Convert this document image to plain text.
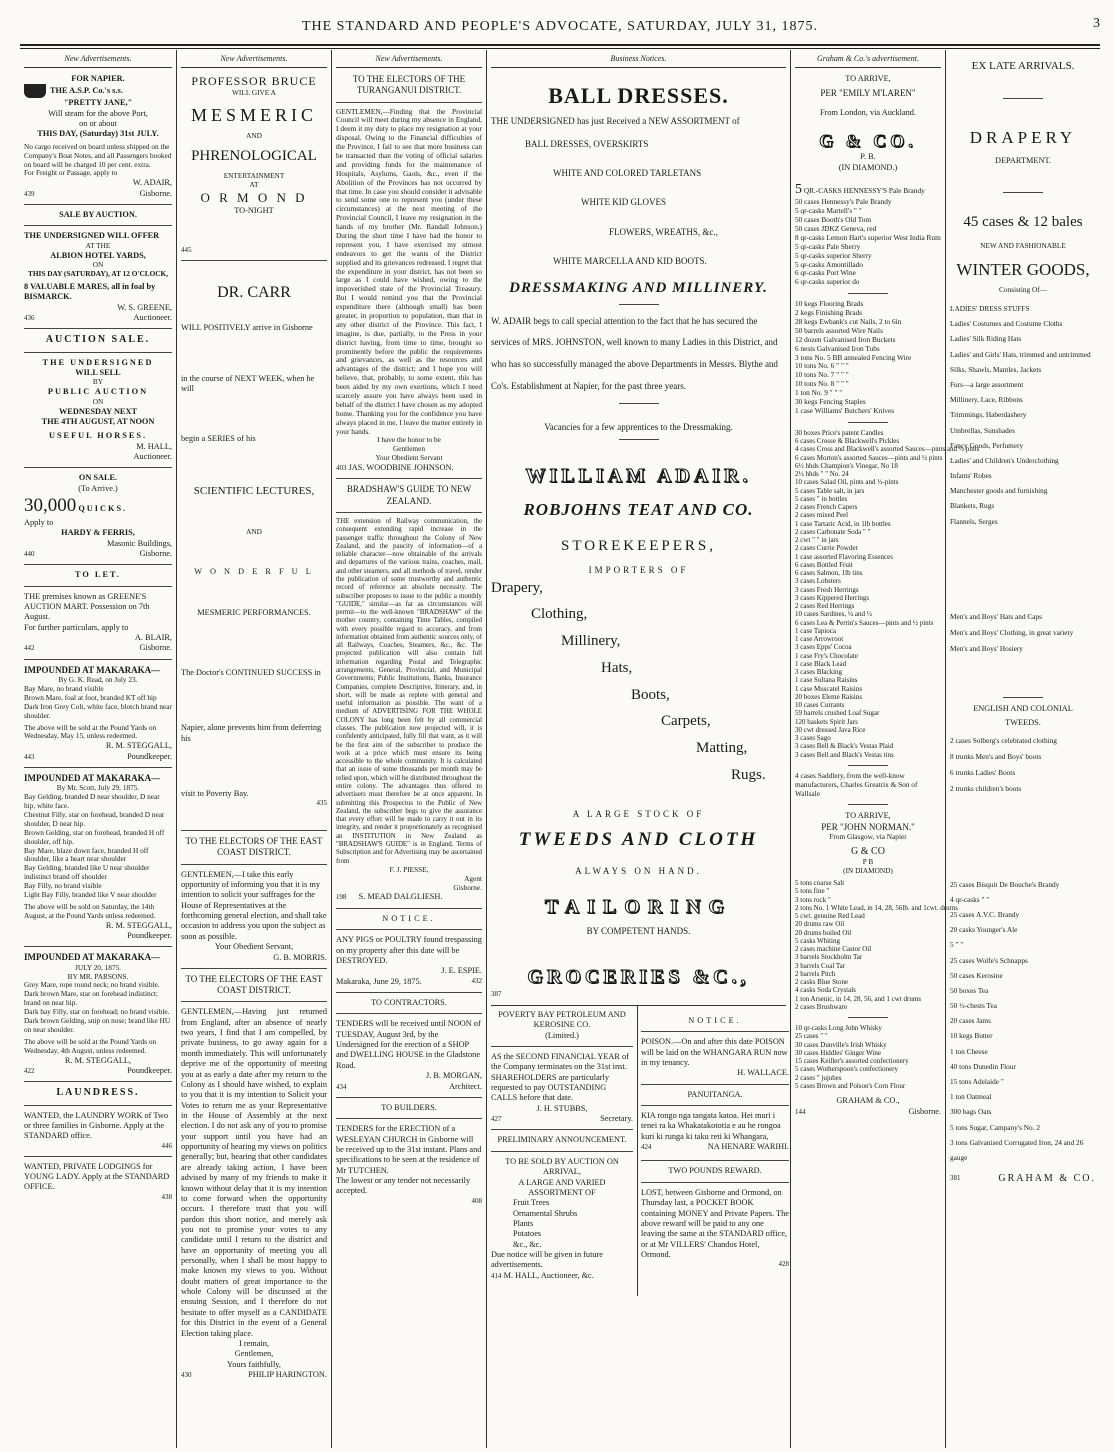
THE STANDARD AND PEOPLE'S ADVOCATE, SATURDAY, JULY 31, 1875.	3
New Advertisements.
FOR NAPIER.
THE A.S.P. Co.'s s.s.
"PRETTY JANE,"
Will steam for the above Port,
on or about
THIS DAY, (Saturday) 31st JULY.
No cargo received on board unless shipped on the Company's Boat Notes, and all Passengers booked on board will be charged 10 per cent. extra.
For Freight or Passage, apply to
W. ADAIR,
439	Gisborne.
SALE BY AUCTION.
THE UNDERSIGNED WILL OFFER
AT THE
ALBION HOTEL YARDS,
ON
THIS DAY (SATURDAY), AT 12 O'CLOCK,
8 VALUABLE MARES, all in foal by BISMARCK.
W. S. GREENE,
436	Auctioneer.
AUCTION SALE.
THE UNDERSIGNED
WILL SELL
BY
PUBLIC AUCTION
ON
WEDNESDAY NEXT
THE 4TH AUGUST, AT NOON
USEFUL HORSES.
M. HALL,
Auctioneer.
ON SALE.
(To Arrive.)
30,000 QUICKS.
Apply to
HARDY & FERRIS,
Masonic Buildings,
440	Gisborne.
TO LET.
THE premises known as GREENE'S AUCTION MART. Possession on 7th August.
For further particulars, apply to
A. BLAIR,
442	Gisborne.
IMPOUNDED AT MAKARAKA—
By G. K. Read, on July 23.
Bay Mare, no brand visible
Brown Mare, foal at foot, branded KT off hip
Dark Iron Grey Colt, white face, blotch brand near shoulder.
The above will be sold at the Pound Yards on Wednesday, May 15, unless redeemed.
R. M. STEGGALL,
443	Poundkeeper.
IMPOUNDED AT MAKARAKA—
By Mr. Scott, July 29, 1875.
Bay Gelding, branded D near shoulder, D near hip, white face.
Chestnut Filly, star on forehead, branded D near shoulder, D near hip.
Brown Gelding, star on forehead, branded H off shoulder, off hip.
Bay Mare, blaze down face, branded H off shoulder, like a heart near shoulder
Bay Gelding, branded like U near shoulder indistinct brand off shoulder
Bay Filly, no brand visible
Light Bay Filly, branded like V near shoulder
The above will be sold on Saturday, the 14th August, at the Pound Yards unless redeemed.
R. M. STEGGALL,
Poundkeeper.
IMPOUNDED AT MAKARAKA—
JULY 20, 1875.
BY MR. PARSONS.
Grey Mare, rope round neck; no brand visible.
Dark brown Mare, star on forehead indistinct; brand on near hip.
Dark bay Filly, star on forehead; no brand visible.
Dark brown Gelding, snip on nose; brand like HU on near shoulder.
The above will be sold at the Pound Yards on Wednesday, 4th August, unless redeemed.
R. M. STEGGALL,
422	Poundkeeper.
LAUNDRESS.
WANTED, the LAUNDRY WORK of Two or three families in Gisborne. Apply at the STANDARD office.
446
WANTED, PRIVATE LODGINGS for YOUNG LADY. Apply at the STANDARD OFFICE.
438
New Advertisements.
PROFESSOR BRUCE
WILL GIVE A
MESMERIC
AND
PHRENOLOGICAL
ENTERTAINMENT
AT
O R M O N D
TO-NIGHT
445
DR. CARR
WILL POSITIVELY arrive in Gisborne
in the course of NEXT WEEK, when he will
begin a SERIES of his
SCIENTIFIC LECTURES,
AND
W O N D E R F U L
MESMERIC PERFORMANCES.
The Doctor's CONTINUED SUCCESS in
Napier, alone prevents him from deferring his
visit to Poverty Bay.
435
TO THE ELECTORS OF THE EAST COAST DISTRICT.
GENTLEMEN,—I take this early opportunity of informing you that it is my intention to solicit your suffrages for the House of Representatives at the forthcoming general election, and shall take occasion to address you upon the subject as soon as possible.
Your Obedient Servant,
G. B. MORRIS.
TO THE ELECTORS OF THE EAST COAST DISTRICT.
GENTLEMEN,—Having just returned from England, after an absence of nearly two years, I find that I am compelled, by private business, to go away again for a month immediately. This will unfortunately deprive me of the opportunity of meeting you at as early a date after my return to the Colony as I should have wished, to explain to you that it is my intention to Solicit your Votes to return me as your Representative in the House of Assembly at the next election. I do not ask any of you to promise your support until you have had an opportunity of hearing my views on politics generally; but, hearing that other candidates are already taking action, I have been advised by many of my friends to make it known without delay that it is my intention to come forward when the opportunity occurs. I therefore trust that you will pardon this short notice, and merely ask you not to promise your votes to any candidate until I return to the district and have an opportunity of meeting you all personally, when I shall be most happy to make known my views to you. Without doubt matters of great importance to the whole Colony will be discussed at the ensuing Session, and I therefore do not hesitate to offer myself as a CANDIDATE for this District in the event of a General Election taking place.
I remain,
Gentlemen,
Yours faithfully,
430	PHILIP HARINGTON.
New Advertisements.
TO THE ELECTORS OF THE TURANGANUI DISTRICT.
GENTLEMEN,—Finding that the Provincial Council will meet during my absence in England, I deem it my duty to place my resignation at your disposal. Owing to the Financial difficulties of the Province, I fail to see that more business can be transacted than the voting of official salaries and providing funds for the maintenance of Hospitals, Asylums, Gaols, &c., even if the Abolition of the Provinces has not occurred by that time. In case you should consider it advisable to send some one to represent you (under these circumstances) at the next meeting of the Provincial Council, I leave my resignation in the hands of my brother (Mr. Randall Johnson.) During the short time I have had the honor to represent you, I have exercised my utmost endeavors to get the wants of the District supplied and its grievances redressed. I regret that the expenditure in your district, has not been so large as I could have wished, owing to the impoverished state of the Provincial Treasury. But I would remind you that the Provincial expenditure there (although small) has been greater, in proportion to population, than that in any other district of the Province. This fact, I imagine, is due, partially, to the Press in your district having, from time to time, brought so prominently before the public the requirements and grievances, as well as the resources and advantages of the district; and I hope you will believe, that, probably, to some extent, this has been aided by my own exertions, which I need scarcely assure you have always been used in behalf of the district I have chosen as my adopted home. Thanking you for the confidence you have always placed in me, I leave the matter entirely in your hands.
I have the honor to be
Gentlemen
Your Obedient Servant
403 JAS. WOODBINE JOHNSON.
BRADSHAW'S GUIDE TO NEW ZEALAND.
THE extension of Railway communication, the consequent extending rapid increase in the passenger traffic throughout the Colony of New Zealand, and the paucity of information—of a reliable character—now obtainable of the arrivals and departures of the various trains, coaches, mail, and other steamers, and all methods of travel, render the publication of some trustworthy and authentic record of reference an absolute necessity. The subscriber proposes to issue to the public a monthly "GUIDE," similar—as far as circumstances will permit—to the well-known "BRADSHAW" of the mother country, containing Time Tables, compiled with every possible regard to accuracy, and from information obtained from authentic sources only, of all Railways, Coaches, Steamers, &c., &c. The projected publication will also contain full information regarding Postal and Telegraphic arrangements, General, Provincial, and Municipal Governments; Public Institutions, Banks, Insurance Companies, complete Descriptive, Itinerary, and, in short, will be made as replete with general and useful information as possible. The want of a medium of ADVERTISING FOR THE WHOLE COLONY has long been felt by all commercial classes. The publication now projected will, it is confidently anticipated, fully fill that want, as it will be the first aim of the subscriber to produce the work at a price which must ensure its being accessible to the whole community. It is calculated that an issue of some thousands per month may be relied upon, which will be distributed throughout the entire colony. The advantages thus offered to advertisers must therefore be at once apparent. In submitting this Prospectus to the Public of New Zealand, the subscriber begs to give the assurance that every effort will be made to carry it out in its integrity, and render it proportionately as recognised an INSTITUTION in New Zealand as "BRADSHAW'S GUIDE" is in England. Terms of Subscription and for Advertising may be ascertained from
F. J. PIESSE,
Agent
Gisborne.
198 S. MEAD DALGLIESH.
NOTICE.
ANY PIGS or POULTRY found trespassing on my property after this date will be DESTROYED.
J. E. ESPIE.
Makaraka, June 29, 1875.	432
TO CONTRACTORS.
TENDERS will be received until NOON of TUESDAY, August 3rd, by the Undersigned for the erection of a SHOP and DWELLING HOUSE in the Gladstone Road.
J. B. MORGAN,
434	Architect.
TO BUILDERS.
TENDERS for the ERECTION of a WESLEYAN CHURCH in Gisborne will be received up to the 31st instant. Plans and specifications to be seen at the residence of Mr TUTCHEN.
The lowest or any tender not necessarily accepted.
408
Business Notices.
BALL DRESSES.
THE UNDERSIGNED has just Received a NEW ASSORTMENT of
BALL DRESSES, OVERSKIRTS
WHITE AND COLORED TARLETANS
WHITE KID GLOVES
FLOWERS, WREATHS, &c.,
WHITE MARCELLA AND KID BOOTS.
DRESSMAKING AND MILLINERY.
W. ADAIR begs to call special attention to the fact that he has secured the services of MRS. JOHNSTON, well known to many Ladies in this District, and who has so successfully managed the above Departments in Messrs. Blythe and Co's. Establishment at Napier, for the past three years.
Vacancies for a few apprentices to the Dressmaking.
WILLIAM ADAIR.
ROBJOHNS TEAT AND CO.
STOREKEEPERS,
IMPORTERS OF
Drapery,
Clothing,
Millinery,
Hats,
Boots,
Carpets,
Matting,
Rugs.
A LARGE STOCK OF
TWEEDS AND CLOTH
ALWAYS ON HAND.
TAILORING
BY COMPETENT HANDS.
GROCERIES &C.,
387
POVERTY BAY PETROLEUM AND KEROSINE CO.
(Limited.)
AS the SECOND FINANCIAL YEAR of the Company terminates on the 31st inst. SHAREHOLDERS are particularly requested to pay OUTSTANDING CALLS before that date.
J. H. STUBBS,
427	Secretary.
PRELIMINARY ANNOUNCEMENT.
TO BE SOLD BY AUCTION ON ARRIVAL,
A LARGE AND VARIED ASSORTMENT OF
Fruit Trees
Ornamental Shrubs
Plants
Potatoes
&c., &c.
Due notice will be given in future advertisements.
414 M. HALL, Auctioneer, &c.
NOTICE.
POISON.—On and after this date POISON will be laid on the WHANGARA RUN now in my tenancy.
H. WALLACE.
PANUITANGA.
KIA rongo nga tangata katoa. Hei muri i tenei ra ka Whakatakototia e au he rongoa kuri ki runga ki taku reti ki Whangara,
424	NA HENARE WARIHI.
TWO POUNDS REWARD.
LOST, between Gisborne and Ormond, on Thursday last, a POCKET BOOK containing MONEY and Private Papers. The above reward will be paid to any one leaving the same at the STANDARD office, or at Mr VILLERS' Chandos Hotel, Ormond.
428
Graham & Co.'s advertisement.
TO ARRIVE,
PER "EMILY M'LAREN"
From London, via Auckland.
G & CO.
P. B.
(IN DIAMOND.)
5 QR.-CASKS HENNESSY'S Pale Brandy
50 cases Hennessy's Pale Brandy
5 qr-casks Martell's " "
50 cases Booth's Old Tom
50 cases JDKZ Geneva, red
8 qr-casks Lemon Hart's superior West India Rum
5 qr-casks Pale Sherry
5 qr-casks superior Sherry
5 qr-casks Amontillado
6 qr-casks Port Wine
6 qr-casks superior do
10 kegs Flooring Brads
2 kegs Finishing Brads
28 kegs Ewbank's cut Nails, 2 to 6in
50 barrels assorted Wire Nails
12 dozen Galvanised Iron Buckets
6 nests Galvanised Iron Tubs
3 tons No. 5 BB annealed Fencing Wire
10 tons No. 6 " " "
10 tons No. 7 " " "
10 tons No. 8 " " "
1 ton No. 9 " " "
30 kegs Fencing Staples
1 case Williams' Butchers' Knives
30 boxes Price's patent Candles
6 cases Crosse & Blackwell's Pickles
4 cases Cross and Blackwell's assorted Sauces—pints and ½ pints
6 cases Morton's assorted Sauces—pints and ½ pints
6½ hhds Champion's Vinegar, No 18
2½ hhds " " No. 24
10 cases Salad Oil, pints and ½-pints
5 cases Table salt, in jars
5 cases " in bottles
2 cases French Capers
2 cases mixed Peel
1 case Tartaric Acid, in 1lb bottles
2 cases Carbonate Soda " "
2 cwt " " in jars
2 cases Currie Powder
1 case assorted Flavoring Essences
6 cases Bottled Fruit
6 cases Salmon, 1lb tins
3 cases Lobsters
3 cases Fresh Herrings
3 cases Kippered Herrings
2 cases Red Herrings
10 cases Sardines, ¼ and ½
6 cases Lea & Perrin's Sauces—pints and ½ pints
1 case Tapioca
1 case Arrowroot
3 cases Epps' Cocoa
1 case Fry's Chocolate
1 case Black Lead
3 cases Blacking
1 case Sultana Raisins
1 case Muscatel Raisins
20 boxes Eleme Raisins
10 cases Currants
59 barrels crushed Loaf Sugar
120 baskets Spirit Jars
30 cwt dressed Java Rice
3 cases Sago
3 cases Bell & Black's Vestas Plaid
3 cases Bell and Black's Vestas tins
4 cases Saddlery, from the well-know manufacturers, Charles Greatrix & Son of Wallsale
TO ARRIVE,
PER "JOHN NORMAN."
From Glasgow, via Napier
G & CO
P B
(IN DIAMOND)
5 tons coarse Salt
5 tons fine "
3 tons rock "
2 tons No. 1 White Lead, in 14, 28, 56lb. and 1cwt. drums
5 cwt. genuine Red Lead
20 drums raw Oil
20 drums boiled Oil
5 casks Whiting
2 cases machine Castor Oil
3 barrels Stockholm Tar
3 barrels Coal Tar
2 barrels Pitch
2 casks Blue Stone
4 casks Soda Crystals
1 ton Arsenic, in 14, 28, 56, and 1 cwt drums
2 cases Brushware
10 qr-casks Long John Whisky
25 cases " "
30 cases Dunville's Irish Whisky
30 cases Hiddles' Ginger Wine
15 cases Keiller's assorted confectionery
5 cases Wotherspoon's confectionery
2 cases " jujubes
5 cases Brown and Polson's Corn Flour
GRAHAM & CO.,
144	Gisborne.
EX LATE ARRIVALS.
DRAPERY
DEPARTMENT.
45 cases & 12 bales
NEW AND FASHIONABLE
WINTER GOODS,
Consisting Of—
LADIES' DRESS STUFFS
Ladies' Costumes and Costume Cloths
Ladies' Silk Riding Hats
Ladies' and Girls' Hats, trimmed and untrimmed
Silks, Shawls, Mantles, Jackets
Furs—a large assortment
Millinery, Lace, Ribbons
Trimmings, Haberdashery
Umbrellas, Sunshades
Fancy Goods, Perfumery
Ladies' and Children's Underclothing
Infants' Robes
Manchester goods and furnishing
Blankets, Rugs
Flannels, Serges
Men's and Boys' Hats and Caps
Men's and Boys' Clothing, in great variety
Men's and Boys' Hosiery
ENGLISH AND COLONIAL
TWEEDS.
2 cases Solberg's celebrated clothing
8 trunks Men's and Boys' boots
6 trunks Ladies' Boots
2 trunks children's boots
25 cases Bisquit De Bouche's Brandy
4 qr-casks " "
25 cases A.V.C. Brandy
20 casks Younger's Ale
5 " "
25 cases Wolfe's Schnapps
50 cases Kerosine
50 boxes Tea
50 ½-chests Tea
20 cases Jams
10 kegs Butter
1 ton Cheese
40 tons Dunedin Flour
15 tons Adelaide "
1 ton Oatmeal
300 bags Oats
5 tons Sugar, Campany's No. 2
3 tons Galvanised Corrugated Iron, 24 and 26 gauge
381	GRAHAM & CO.
